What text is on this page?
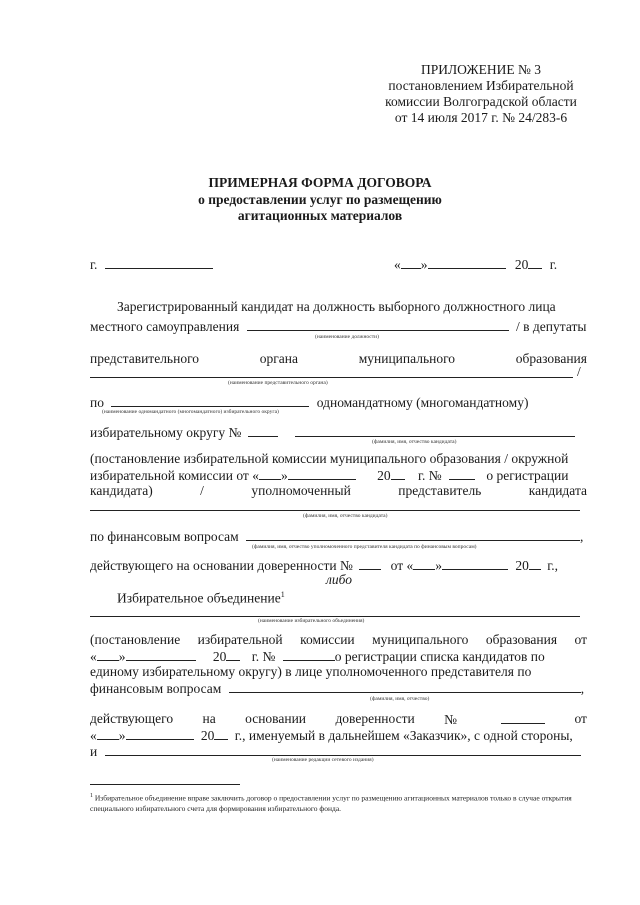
ПРИЛОЖЕНИЕ № 3
постановлением Избирательной
комиссии Волгоградской области
от 14 июля 2017 г. № 24/283-6
ПРИМЕРНАЯ ФОРМА ДОГОВОРА
о предоставлении услуг по размещению
агитационных материалов
г.	« »	20 г.
Зарегистрированный кандидат на должность выборного должностного лица
местного самоуправления	/ в депутаты
(наименование должности)
представительного	органа	муниципального	образования
/
(наименование представительного органа)
по	одномандатному (многомандатному)
(наименование одномандатного (многомандатного) избирательного округа)
избирательному округу №
(фамилия, имя, отчество кандидата)
(постановление избирательной комиссии муниципального образования / окружной
избирательной комиссии от « »	20 г. №	о регистрации
кандидата)	/	уполномоченный	представитель	кандидата
(фамилия, имя, отчество кандидата)
по финансовым вопросам	,
(фамилия, имя, отчество уполномоченного представителя кандидата по финансовым вопросам)
действующего на основании доверенности №	от « »	20 г.,
либо
Избирательное объединение$^1$
(наименование избирательного объединения)
(постановление избирательной комиссии муниципального образования от
« »	20 г. №	о регистрации списка кандидатов по
единому избирательному округу) в лице уполномоченного представителя по
финансовым вопросам	,
(фамилия, имя, отчество)
действующего на основании доверенности №	от
« »	20 г., именуемый в дальнейшем «Заказчик», с одной стороны,
и
(наименование редакции сетевого издания)
$^1$ Избирательное объединение вправе заключить договор о предоставлении услуг по размещению агитационных материалов только в случае открытия специального избирательного счета для формирования избирательного фонда.
